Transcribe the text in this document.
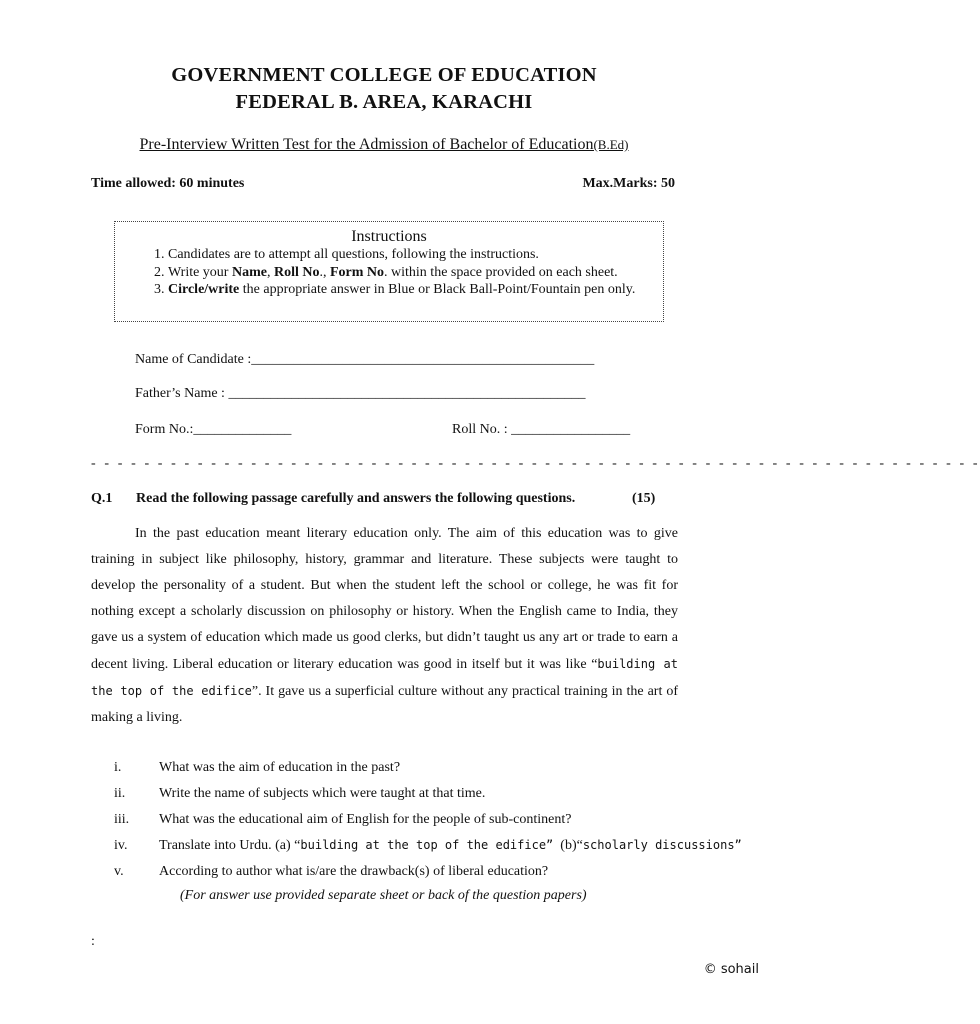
GOVERNMENT COLLEGE OF EDUCATION
FEDERAL B. AREA, KARACHI
Pre-Interview Written Test for the Admission of Bachelor of Education(B.Ed)
Time allowed: 60 minutes	Max.Marks: 50
Instructions
1. Candidates are to attempt all questions, following the instructions.
2. Write your Name, Roll No., Form No. within the space provided on each sheet.
3. Circle/write the appropriate answer in Blue or Black Ball-Point/Fountain pen only.
Name of Candidate :_________________________________________________
Father’s Name : ___________________________________________________
Form No.:______________	Roll No. : _________________
- - - - - - - - - - - - - - - - - - - - - - - - - - - - - - - - - - - - - - - - - - - - - - - - - - - - - - - - - - - - - - - - - - -
Q.1 Read the following passage carefully and answers the following questions.	(15)

In the past education meant literary education only. The aim of this education was to give training in subject like philosophy, history, grammar and literature. These subjects were taught to develop the personality of a student. But when the student left the school or college, he was fit for nothing except a scholarly discussion on philosophy or history. When the English came to India, they gave us a system of education which made us good clerks, but didn’t taught us any art or trade to earn a decent living. Liberal education or literary education was good in itself but it was like “building at the top of the edifice”. It gave us a superficial culture without any practical training in the art of making a living.

i.	What was the aim of education in the past?
ii. Write the name of subjects which were taught at that time.
iii. What was the educational aim of English for the people of sub-continent?
iv. Translate into Urdu. (a) “building at the top of the edifice”  (b)“scholarly discussions”
v.	According to author what is/are the drawback(s) of liberal education?
(For answer use provided separate sheet or back of the question papers)
:
© sohail
